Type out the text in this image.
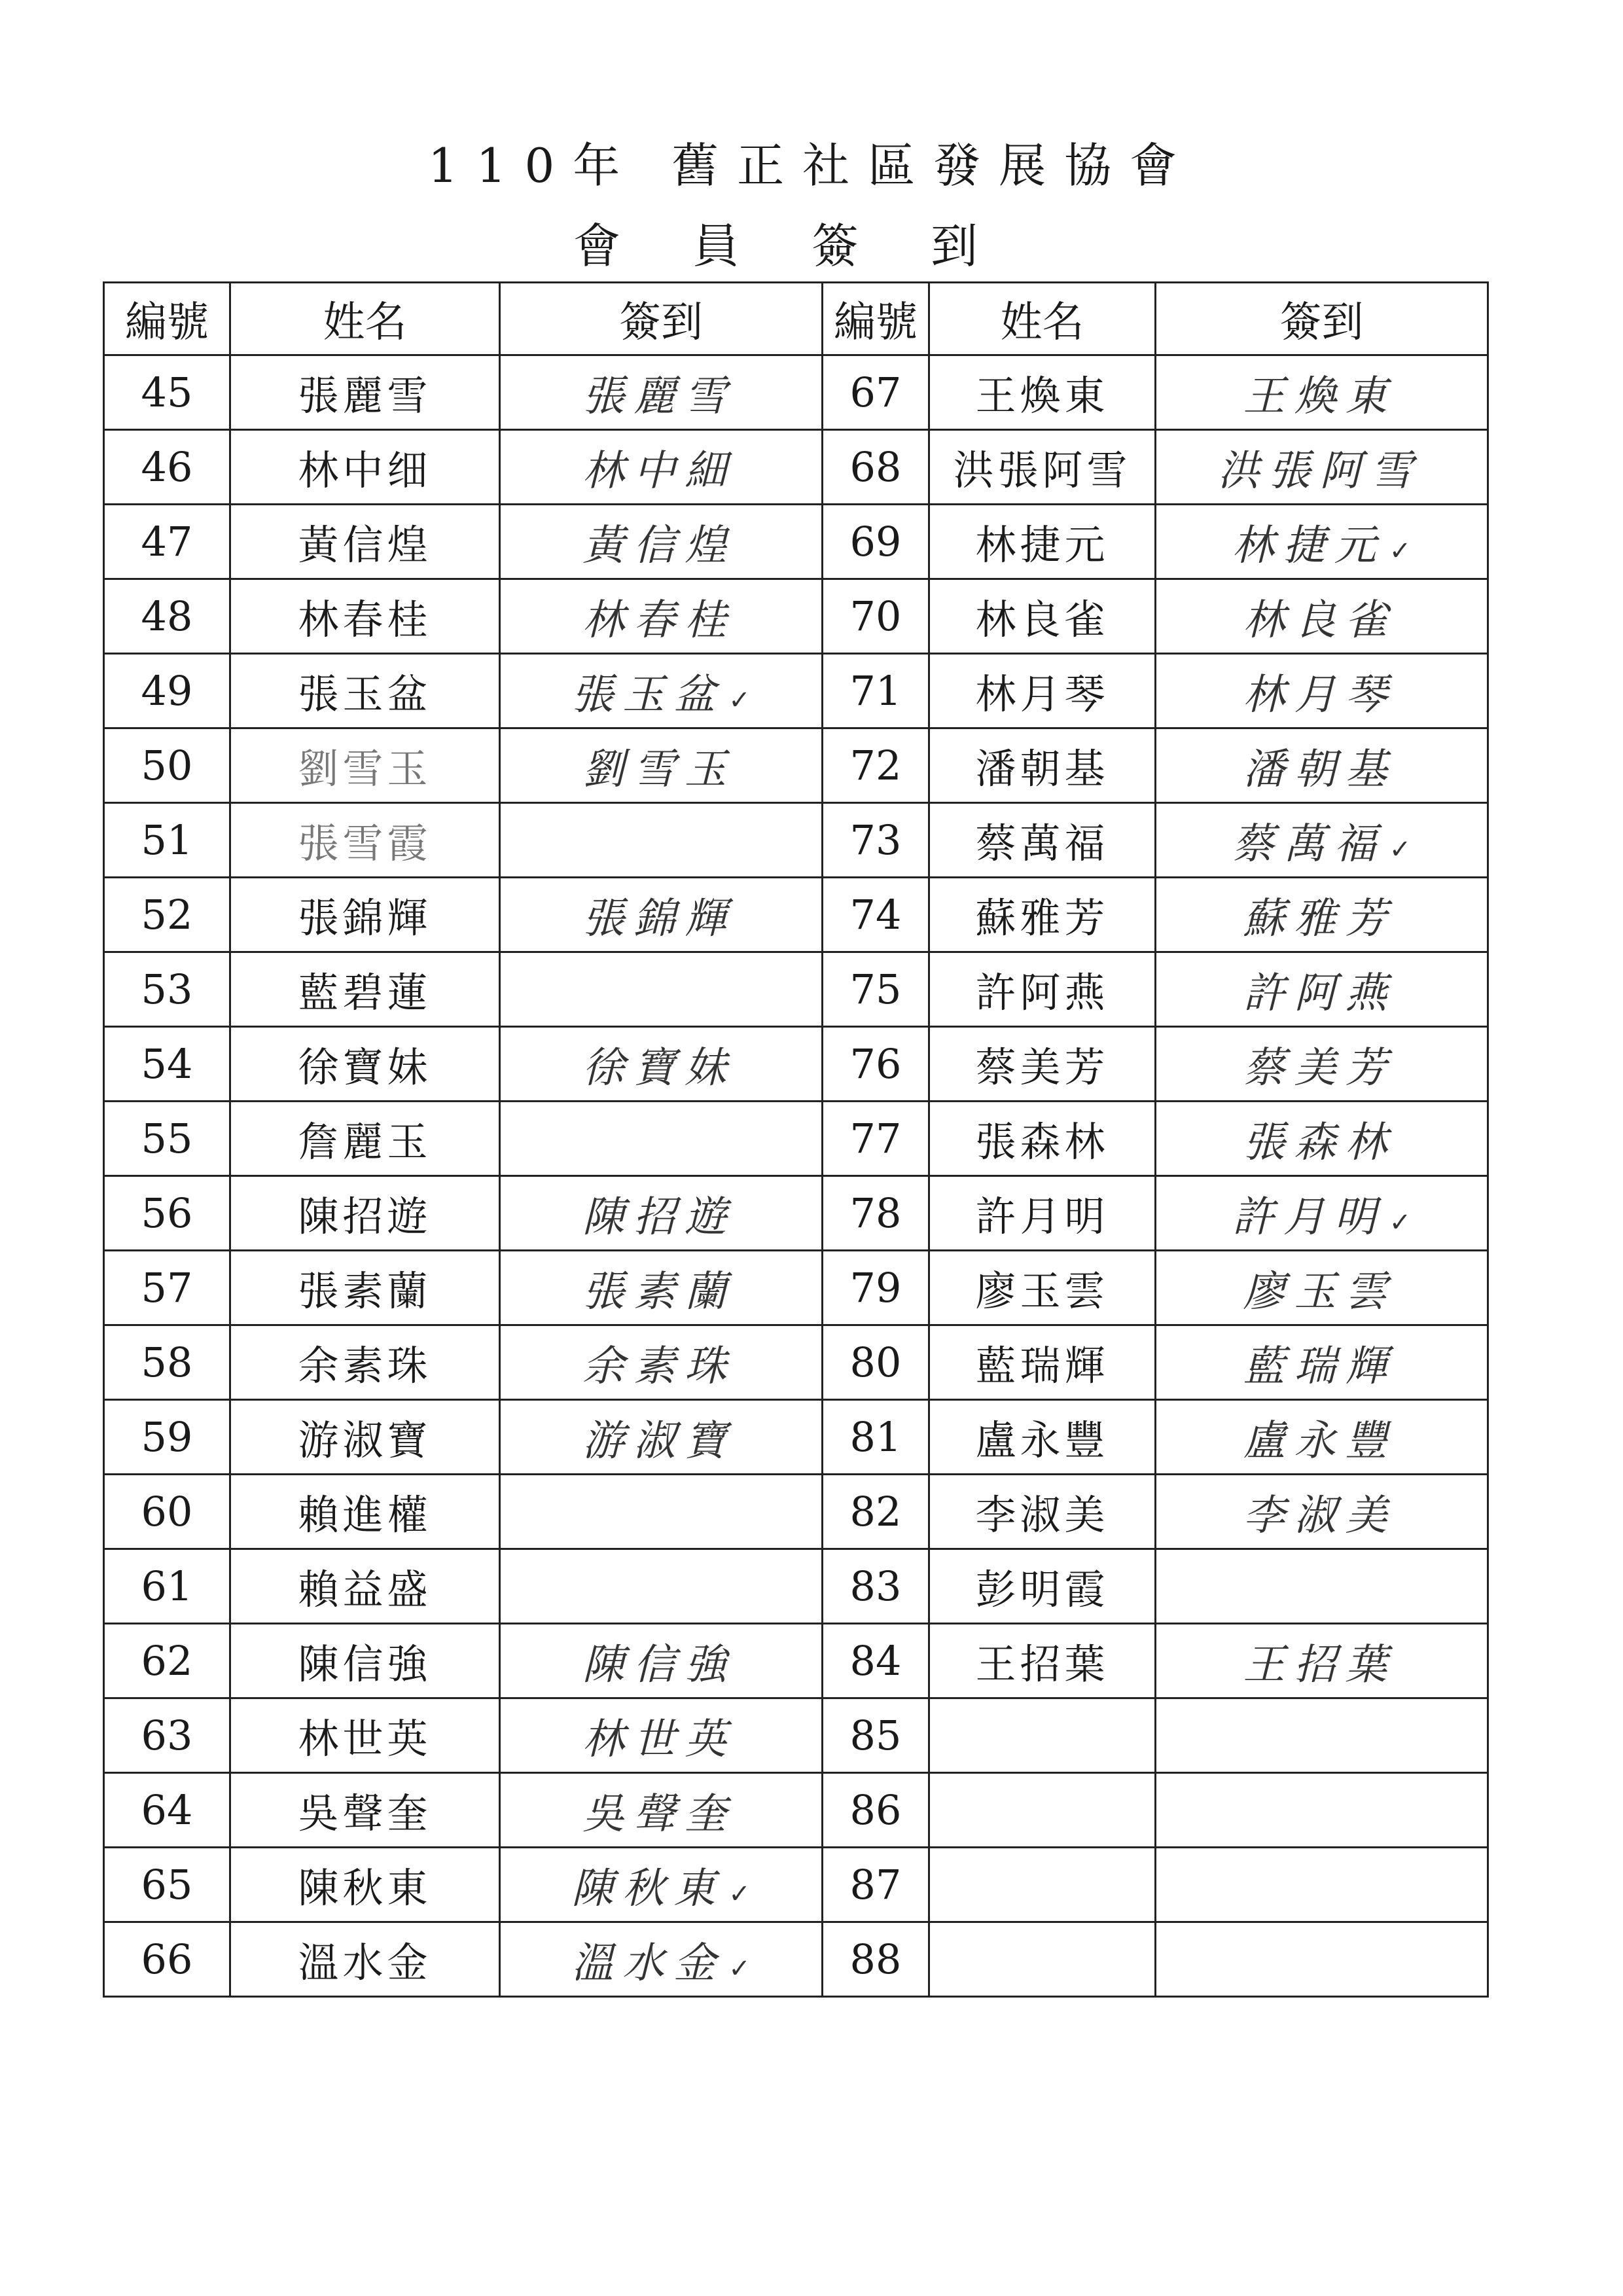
110年 舊正社區發展協會
會員簽到
編號	姓名	簽到	編號	姓名	簽到
45	張麗雪	張麗雪	67	王煥東	王煥東
46	林中细	林中細	68	洪張阿雪	洪張阿雪
47	黃信煌	黃信煌	69	林捷元	林捷元 ✓
48	林春桂	林春桂	70	林良雀	林良雀
49	張玉盆	張玉盆 ✓	71	林月琴	林月琴
50	劉雪玉	劉雪玉	72	潘朝基	潘朝基
51	張雪霞		73	蔡萬福	蔡萬福 ✓
52	張錦輝	張錦輝	74	蘇雅芳	蘇雅芳
53	藍碧蓮		75	許阿燕	許阿燕
54	徐寶妹	徐寶妹	76	蔡美芳	蔡美芳
55	詹麗玉		77	張森林	張森林
56	陳招遊	陳招遊	78	許月明	許月明 ✓
57	張素蘭	張素蘭	79	廖玉雲	廖玉雲
58	余素珠	余素珠	80	藍瑞輝	藍瑞輝
59	游淑寶	游淑寶	81	盧永豐	盧永豐
60	賴進權		82	李淑美	李淑美
61	賴益盛		83	彭明霞	
62	陳信強	陳信強	84	王招葉	王招葉
63	林世英	林世英	85		
64	吳聲奎	吳聲奎	86		
65	陳秋東	陳秋東 ✓	87		
66	溫水金	溫水金 ✓	88		
